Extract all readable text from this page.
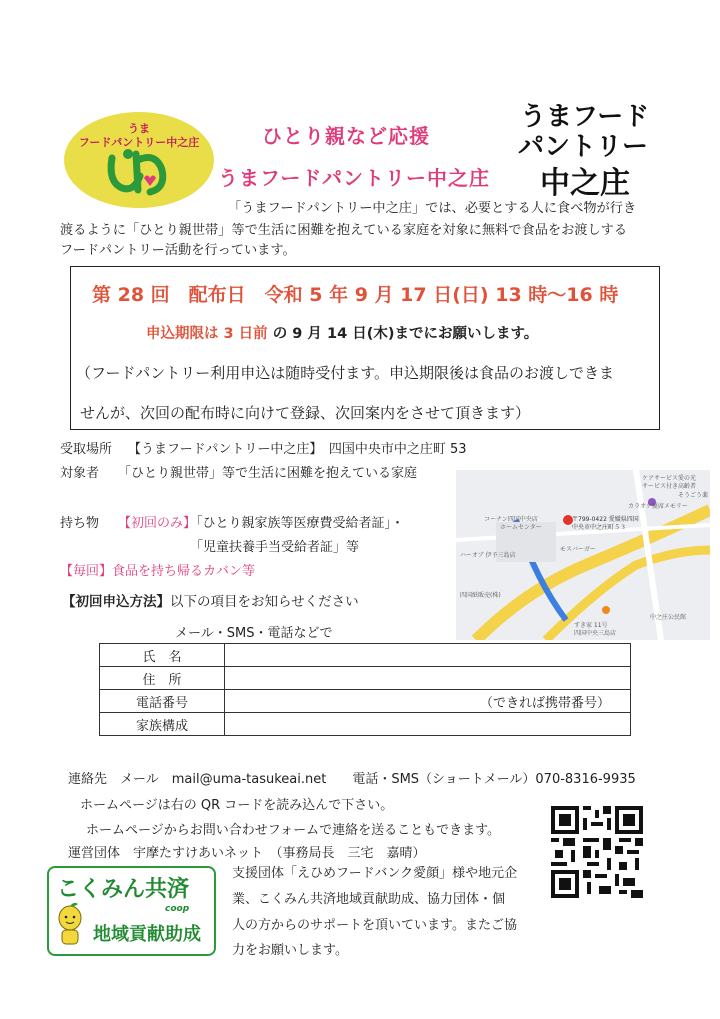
うま
フードパントリー中之庄	ひとり親など応援
うまフードパントリー中之庄
うまフード
パントリー
中之庄
「うまフードパントリー中之庄」では、必要とする人に食べ物が行き
渡るように「ひとり親世帯」等で生活に困難を抱えている家庭を対象に無料で食品をお渡しする
フードパントリー活動を行っています。
第 28 回　配布日　令和 5 年 9 月 17 日(日) 13 時～16 時
申込期限は 3 日前 の 9 月 14 日(木)までにお願いします。
（フードパントリー利用申込は随時受付ます。申込期限後は食品のお渡しできま
せんが、次回の配布時に向けて登録、次回案内をさせて頂きます）
受取場所 【うまフードパントリー中之庄】　四国中央市中之庄町 53
対象者 「ひとり親世帯」等で生活に困難を抱えている家庭
持ち物 【初回のみ】「ひとり親家族等医療費受給者証」・
「児童扶養手当受給者証」等
【毎回】食品を持ち帰るカバン等
ケアサービス愛の光
サービス付き高齢者
そうごう薬
カラオケ優席メモリー
コーナン四国中央店
ホームセンター
〒799-0422 愛媛県四国
中央市中之庄町５３
モスバーガー
ハーオブ 伊予三島店
四国紙販売(株)
すき家 11号
四国中央三島店
中之庄公民館
【初回申込方法】以下の項目をお知らせください
メール・SMS・電話などで
氏　名	
住　所	
電話番号	（できれば携帯番号）
家族構成	
連絡先　メール　mail@uma-tasukeai.net　　電話・SMS（ショートメール）070-8316-9935
ホームページは右の QR コードを読み込んで下さい。
ホームページからお問い合わせフォームで連絡を送ることもできます。
運営団体　宇摩たすけあいネット　（事務局長　三宅　嘉晴）
支援団体「えひめフードバンク愛顔」様や地元企
業、こくみん共済地域貢献助成、協力団体・個
人の方からのサポートを頂いています。またご協
力をお願いします。
こくみん共済
coop
地域貢献助成
